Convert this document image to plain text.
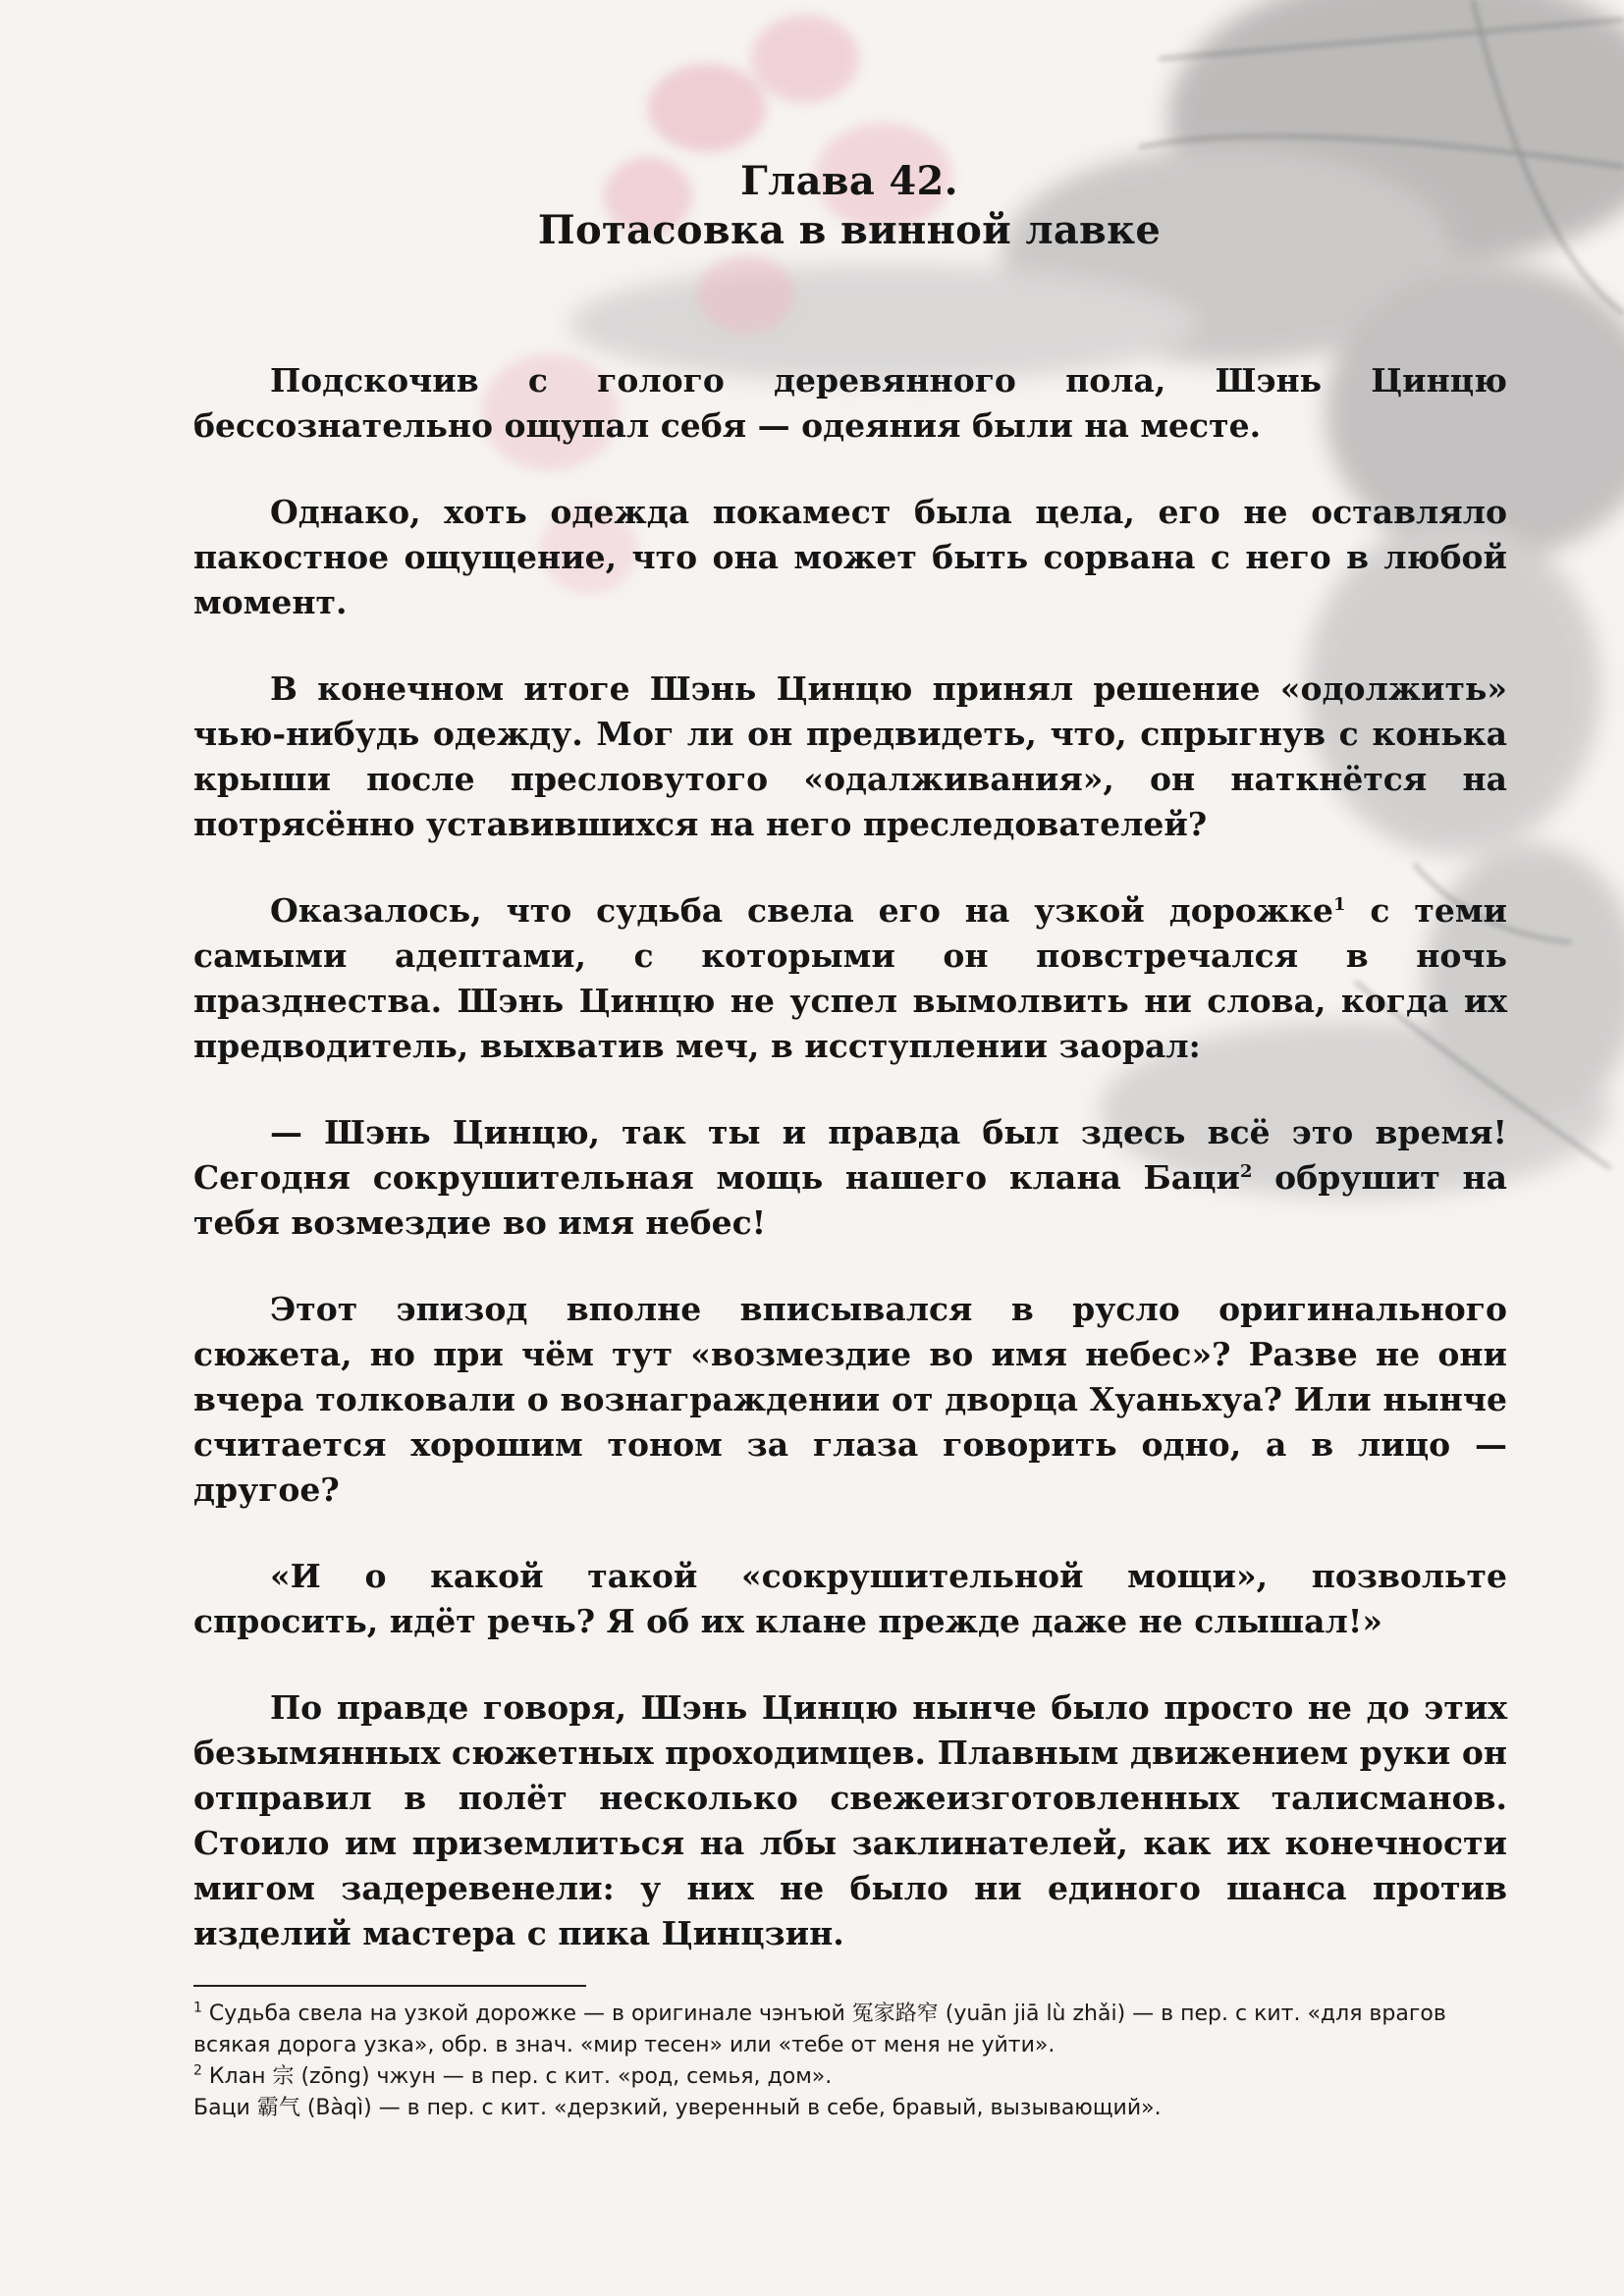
Глава 42.
Потасовка в винной лавке

Подскочив с голого деревянного пола, Шэнь Цинцю бессознательно ощупал себя — одеяния были на месте.

Однако, хоть одежда покамест была цела, его не оставляло пакостное ощущение, что она может быть сорвана с него в любой момент.

В конечном итоге Шэнь Цинцю принял решение «одолжить» чью-нибудь одежду. Мог ли он предвидеть, что, спрыгнув с конька крыши после пресловутого «одалживания», он наткнётся на потрясённо уставившихся на него преследователей?

Оказалось, что судьба свела его на узкой дорожке$^1$ с теми самыми адептами, с которыми он повстречался в ночь празднества. Шэнь Цинцю не успел вымолвить ни слова, когда их предводитель, выхватив меч, в исступлении заорал:

— Шэнь Цинцю, так ты и правда был здесь всё это время! Сегодня сокрушительная мощь нашего клана Баци$^2$ обрушит на тебя возмездие во имя небес!

Этот эпизод вполне вписывался в русло оригинального сюжета, но при чём тут «возмездие во имя небес»? Разве не они вчера толковали о вознаграждении от дворца Хуаньхуа? Или нынче считается хорошим тоном за глаза говорить одно, а в лицо — другое?

«И о какой такой «сокрушительной мощи», позвольте спросить, идёт речь? Я об их клане прежде даже не слышал!»

По правде говоря, Шэнь Цинцю нынче было просто не до этих безымянных сюжетных проходимцев. Плавным движением руки он отправил в полёт несколько свежеизготовленных талисманов. Стоило им приземлиться на лбы заклинателей, как их конечности мигом задеревенели: у них не было ни единого шанса против изделий мастера с пика Цинцзин.

$^1$ Судьба свела на узкой дорожке — в оригинале чэнъюй 冤家路窄 (yuān jiā lù zhǎi) — в пер. с кит. «для врагов всякая дорога узка», обр. в знач. «мир тесен» или «тебе от меня не уйти».

$^2$ Клан 宗 (zōng) чжун — в пер. с кит. «род, семья, дом».

Баци 霸气 (Bàqì) — в пер. с кит. «дерзкий, уверенный в себе, бравый, вызывающий».
